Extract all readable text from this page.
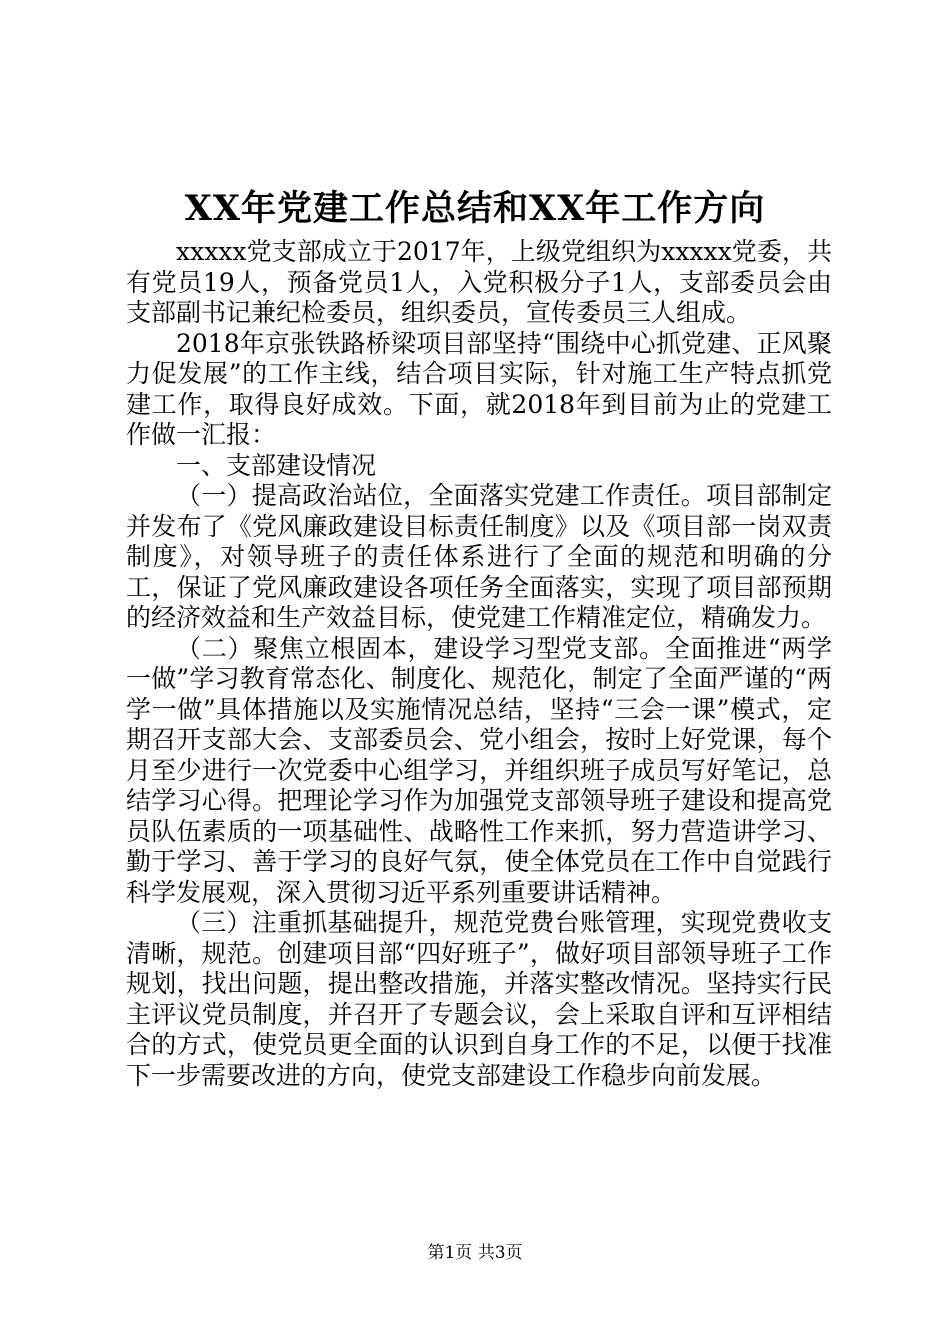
XX年党建工作总结和XX年工作方向

xxxxx党支部成立于2017年，上级党组织为xxxxx党委，共有党员19人，预备党员1人，入党积极分子1人，支部委员会由支部副书记兼纪检委员，组织委员，宣传委员三人组成。

2018年京张铁路桥梁项目部坚持“围绕中心抓党建、正风聚力促发展”的工作主线，结合项目实际，针对施工生产特点抓党建工作，取得良好成效。下面，就2018年到目前为止的党建工作做一汇报：

一、支部建设情况

（一）提高政治站位，全面落实党建工作责任。项目部制定并发布了《党风廉政建设目标责任制度》以及《项目部一岗双责制度》，对领导班子的责任体系进行了全面的规范和明确的分工，保证了党风廉政建设各项任务全面落实，实现了项目部预期的经济效益和生产效益目标，使党建工作精准定位，精确发力。

（二）聚焦立根固本，建设学习型党支部。全面推进“两学一做”学习教育常态化、制度化、规范化，制定了全面严谨的“两学一做”具体措施以及实施情况总结，坚持“三会一课”模式，定期召开支部大会、支部委员会、党小组会，按时上好党课，每个月至少进行一次党委中心组学习，并组织班子成员写好笔记，总结学习心得。把理论学习作为加强党支部领导班子建设和提高党员队伍素质的一项基础性、战略性工作来抓，努力营造讲学习、勤于学习、善于学习的良好气氛，使全体党员在工作中自觉践行科学发展观，深入贯彻习近平系列重要讲话精神。

（三）注重抓基础提升，规范党费台账管理，实现党费收支清晰，规范。创建项目部“四好班子”，做好项目部领导班子工作规划，找出问题，提出整改措施，并落实整改情况。坚持实行民主评议党员制度，并召开了专题会议，会上采取自评和互评相结合的方式，使党员更全面的认识到自身工作的不足，以便于找准下一步需要改进的方向，使党支部建设工作稳步向前发展。

第1页 共3页
